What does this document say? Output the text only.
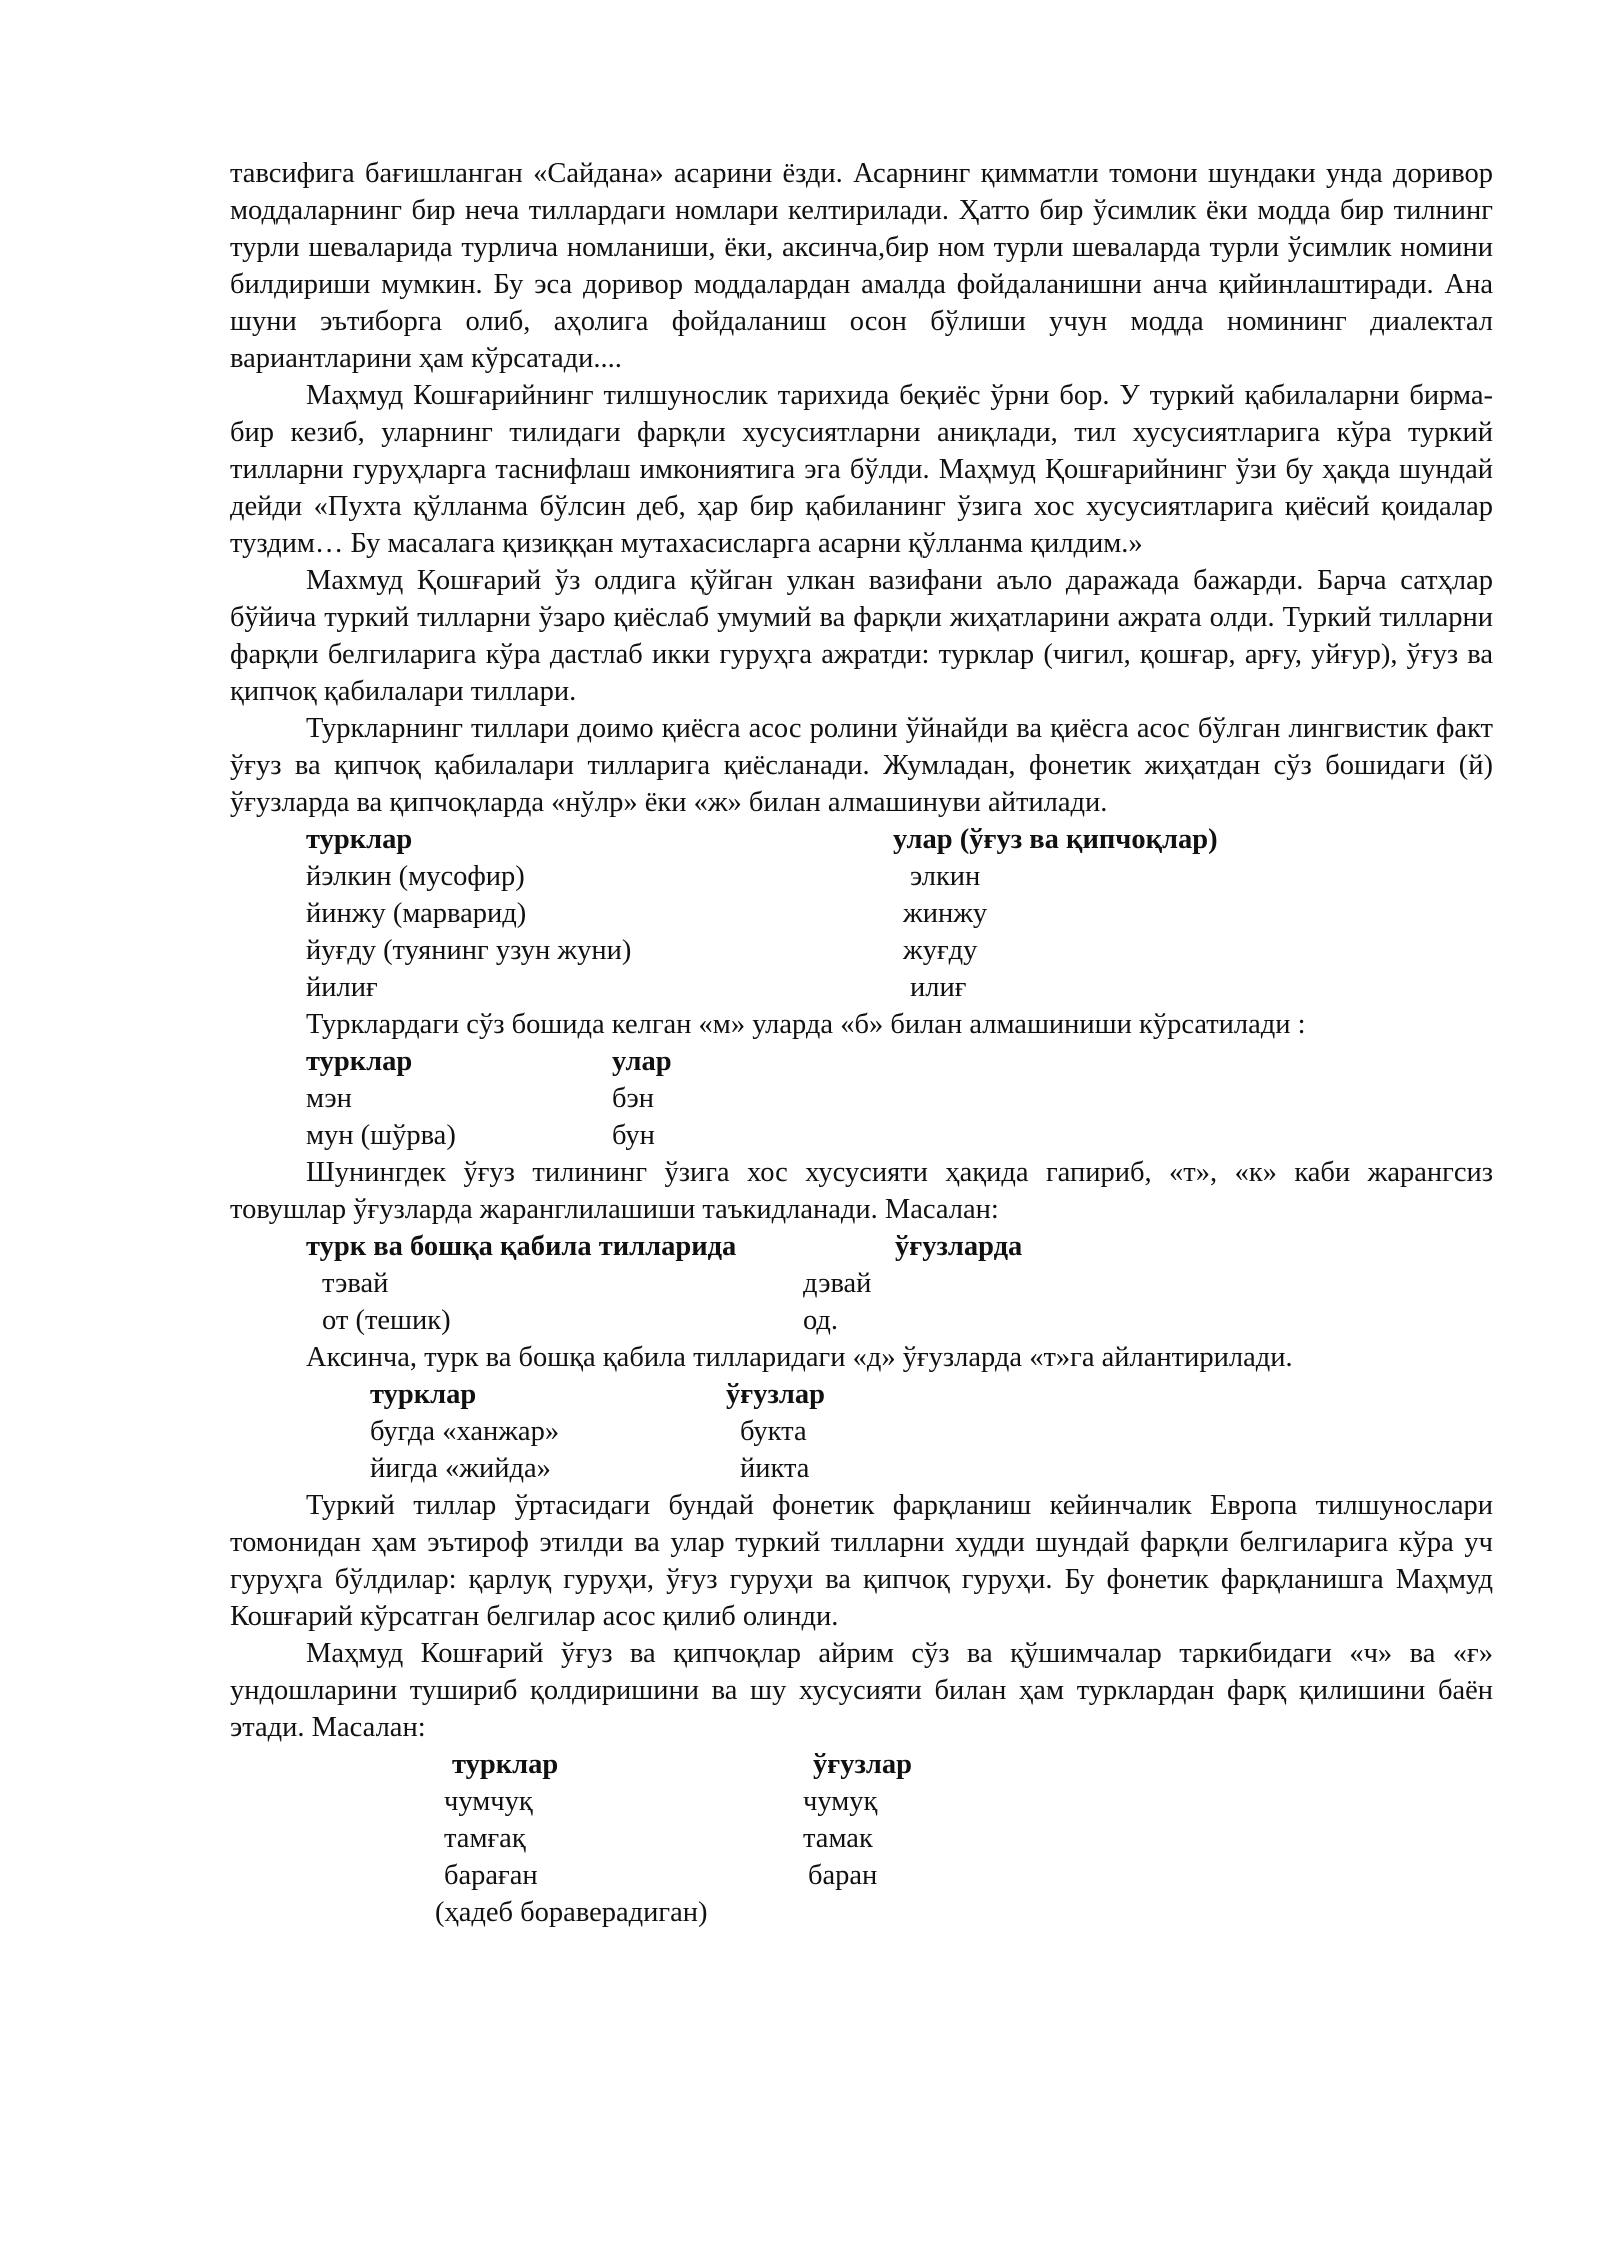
тавсифига бағишланган «Сайдана» асарини ёзди. Асарнинг қимматли томони шундаки унда доривор моддаларнинг бир неча тиллардаги номлари келтирилади. Ҳатто бир ўсимлик ёки модда бир тилнинг турли шеваларида турлича номланиши, ёки, аксинча,бир ном турли шеваларда турли ўсимлик номини билдириши мумкин. Бу эса доривор моддалардан амалда фойдаланишни анча қийинлаштиради. Ана шуни эътиборга олиб, аҳолига фойдаланиш осон бўлиши учун модда номининг диалектал вариантларини ҳам кўрсатади....

Маҳмуд Кошғарийнинг тилшунослик тарихида беқиёс ўрни бор. У туркий қабилаларни бирма-бир кезиб, уларнинг тилидаги фарқли хусусиятларни аниқлади, тил хусусиятларига кўра туркий тилларни гуруҳларга таснифлаш имкониятига эга бўлди. Маҳмуд Қошғарийнинг ўзи бу ҳақда шундай дейди «Пухта қўлланма бўлсин деб, ҳар бир қабиланинг ўзига хос хусусиятларига қиёсий қоидалар туздим… Бу масалага қизиққан мутахасисларга асарни қўлланма қилдим.»

Махмуд Қошғарий ўз олдига қўйган улкан вазифани аъло даражада бажарди. Барча сатҳлар бўйича туркий тилларни ўзаро қиёслаб умумий ва фарқли жиҳатларини ажрата олди. Туркий тилларни фарқли белгиларига кўра дастлаб икки гуруҳга ажратди: турклар (чигил, қошғар, арғу, уйғур), ўғуз ва қипчоқ қабилалари тиллари.

Туркларнинг тиллари доимо қиёсга асос ролини ўйнайди ва қиёсга асос бўлган лингвистик факт ўғуз ва қипчоқ қабилалари тилларига қиёсланади. Жумладан, фонетик жиҳатдан сўз бошидаги (й) ўғузларда ва қипчоқларда «нўлр» ёки «ж» билан алмашинуви айтилади.

турклар	улар (ўғуз ва қипчоқлар)
йэлкин (мусофир)	элкин
йинжу (марварид)	жинжу
йуғду (туянинг узун жуни)	жуғду
йилиғ	илиғ

Турклардаги сўз бошида келган «м» уларда «б» билан алмашиниши кўрсатилади :

турклар	улар
мэн	бэн
мун (шўрва)	бун

Шунингдек ўғуз тилининг ўзига хос хусусияти ҳақида гапириб, «т», «к» каби жарангсиз товушлар ўғузларда жаранглилашиши таъкидланади. Масалан:

турк ва бошқа қабила тилларида	ўғузларда
тэвай	дэвай
от (тешик)	од.

Аксинча, турк ва бошқа қабила тилларидаги «д» ўғузларда «т»га айлантирилади.

турклар	ўғузлар
бугда «ханжар»	букта
йигда «жийда»	йикта

Туркий тиллар ўртасидаги бундай фонетик фарқланиш кейинчалик Европа тилшунослари томонидан ҳам эътироф этилди ва улар туркий тилларни худди шундай фарқли белгиларига кўра уч гуруҳга бўлдилар: қарлуқ гуруҳи, ўғуз гуруҳи ва қипчоқ гуруҳи. Бу фонетик фарқланишга Маҳмуд Кошғарий кўрсатган белгилар асос қилиб олинди.

Маҳмуд Кошғарий ўғуз ва қипчоқлар айрим сўз ва қўшимчалар таркибидаги «ч» ва «ғ» ундошларини тушириб қолдиришини ва шу хусусияти билан ҳам турклардан фарқ қилишини баён этади. Масалан:

турклар	ўғузлар
чумчуқ	чумуқ
тамғақ	тамак
бараған	баран
(ҳадеб бораверадиган)
